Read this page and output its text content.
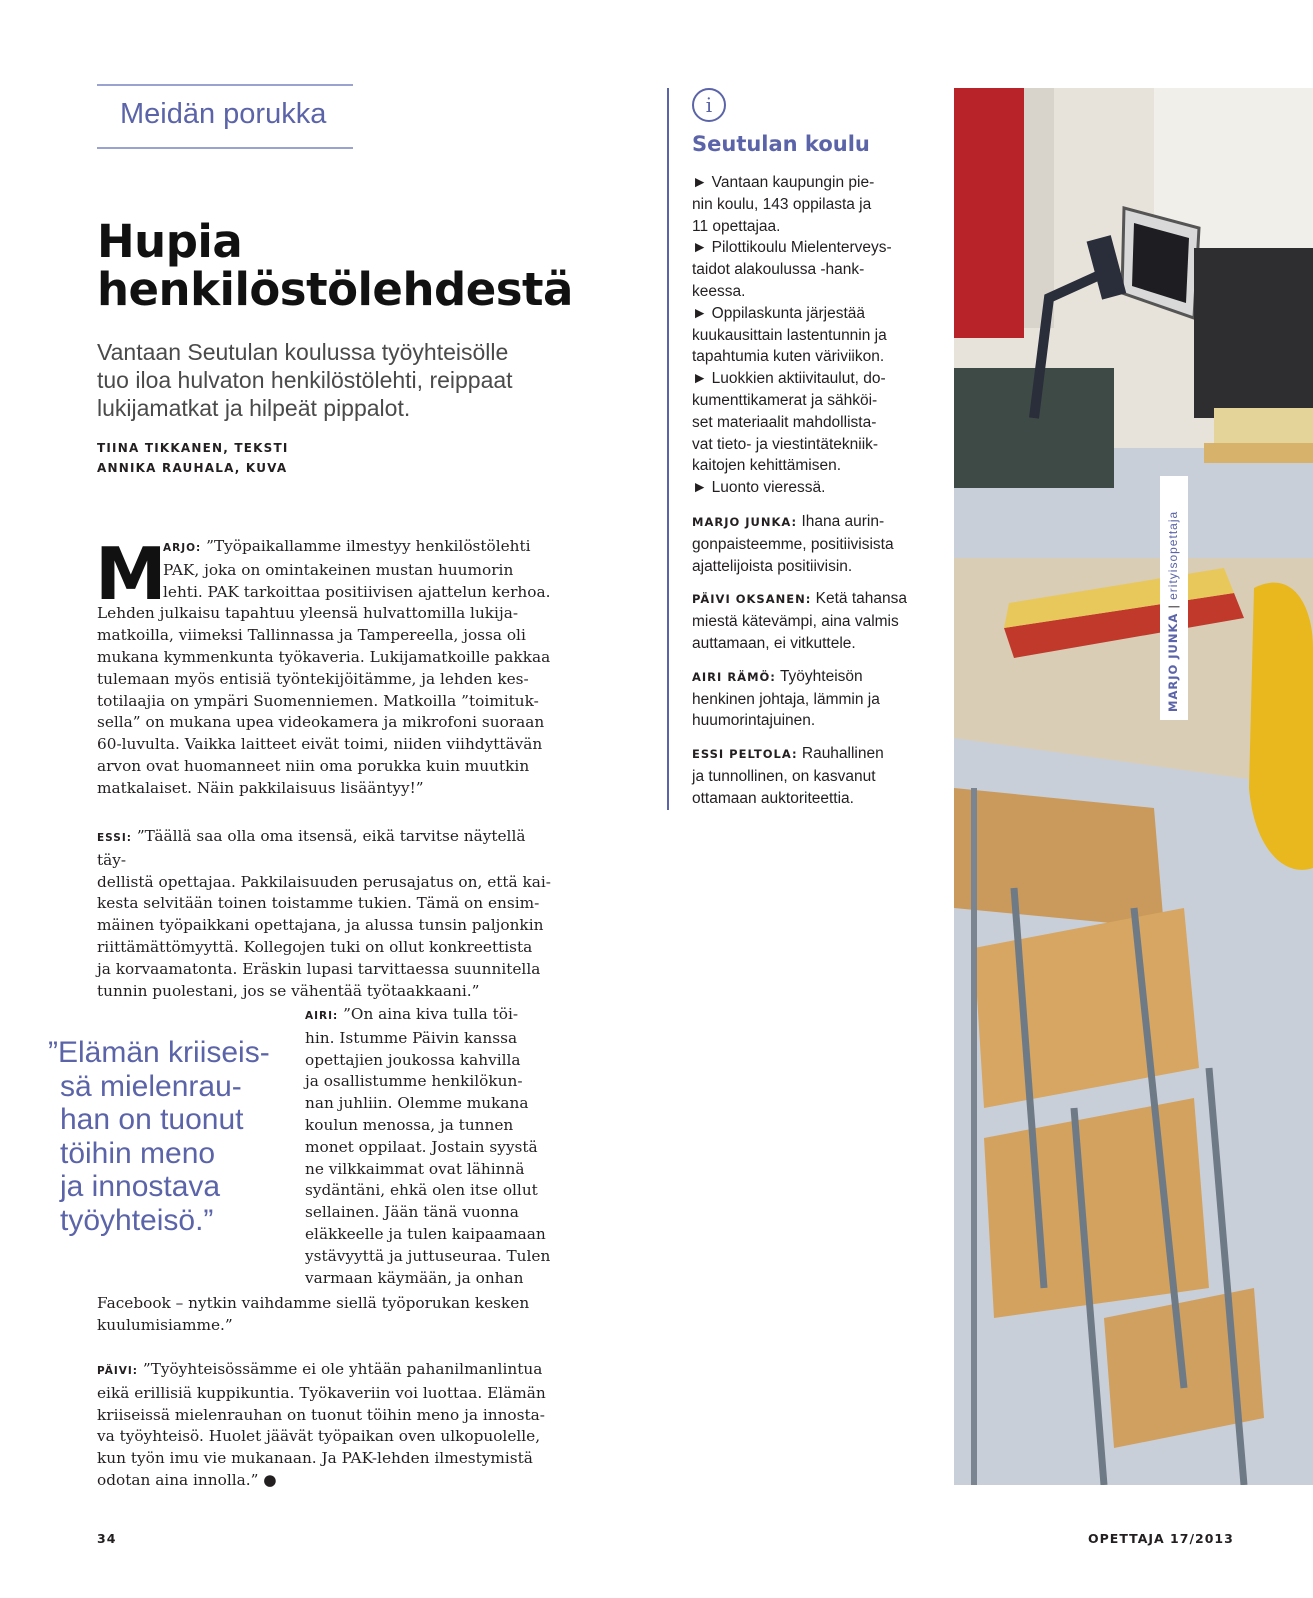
Meidän porukka
Hupia
henkilöstölehdestä
Vantaan Seutulan koulussa työyhteisölle
tuo iloa hulvaton henkilöstölehti, reippaat
lukijamatkat ja hilpeät pippalot.
TIINA TIKKANEN, TEKSTI
ANNIKA RAUHALA, KUVA
M
ARJO: ”Työpaikallamme ilmestyy henkilöstölehti
PAK, joka on omintakeinen mustan huumorin
lehti. PAK tarkoittaa positiivisen ajattelun kerhoa.
Lehden julkaisu tapahtuu yleensä hulvattomilla lukija-
matkoilla, viimeksi Tallinnassa ja Tampereella, jossa oli
mukana kymmenkunta työkaveria. Lukijamatkoille pakkaa
tulemaan myös entisiä työntekijöitämme, ja lehden kes-
totilaajia on ympäri Suomenniemen. Matkoilla ”toimituk-
sella” on mukana upea videokamera ja mikrofoni suoraan
60-luvulta. Vaikka laitteet eivät toimi, niiden viihdyttävän
arvon ovat huomanneet niin oma porukka kuin muutkin
matkalaiset. Näin pakkilaisuus lisääntyy!”
ESSI: ”Täällä saa olla oma itsensä, eikä tarvitse näytellä täy-
dellistä opettajaa. Pakkilaisuuden perusajatus on, että kai-
kesta selvitään toinen toistamme tukien. Tämä on ensim-
mäinen työpaikkani opettajana, ja alussa tunsin paljonkin
riittämättömyyttä. Kollegojen tuki on ollut konkreettista
ja korvaamatonta. Eräskin lupasi tarvittaessa suunnitella
tunnin puolestani, jos se vähentää työtaakkaani.”
”Elämän kriiseis-
sä mielenrau-
han on tuonut
töihin meno
ja innostava
työyhteisö.”
AIRI: ”On aina kiva tulla töi-
hin. Istumme Päivin kanssa
opettajien joukossa kahvilla
ja osallistumme henkilökun-
nan juhliin. Olemme mukana
koulun menossa, ja tunnen
monet oppilaat. Jostain syystä
ne vilkkaimmat ovat lähinnä
sydäntäni, ehkä olen itse ollut
sellainen. Jään tänä vuonna
eläkkeelle ja tulen kaipaamaan
ystävyyttä ja juttuseuraa. Tulen
varmaan käymään, ja onhan
Facebook – nytkin vaihdamme siellä työporukan kesken
kuulumisiamme.”
PÄIVI: ”Työyhteisössämme ei ole yhtään pahanilmanlintua
eikä erillisiä kuppikuntia. Työkaveriin voi luottaa. Elämän
kriiseissä mielenrauhan on tuonut töihin meno ja innosta-
va työyhteisö. Huolet jäävät työpaikan oven ulkopuolelle,
kun työn imu vie mukanaan. Ja PAK-lehden ilmestymistä
odotan aina innolla.” ●
i
Seutulan koulu
► Vantaan kaupungin pie-
nin koulu, 143 oppilasta ja
11 opettajaa.
► Pilottikoulu Mielenterveys-
taidot alakoulussa -hank-
keessa.
► Oppilaskunta järjestää
kuukausittain lastentunnin ja
tapahtumia kuten väriviikon.
► Luokkien aktiivitaulut, do-
kumenttikamerat ja sähköi-
set materiaalit mahdollista-
vat tieto- ja viestintätekniik-
kaitojen kehittämisen.
► Luonto vieressä.
MARJO JUNKA: Ihana aurin-
gonpaisteemme, positiivisista
ajattelijoista positiivisin.
PÄIVI OKSANEN: Ketä tahansa
miestä kätevämpi, aina valmis
auttamaan, ei vitkuttele.
AIRI RÄMÖ: Työyhteisön
henkinen johtaja, lämmin ja
huumorintajuinen.
ESSI PELTOLA: Rauhallinen
ja tunnollinen, on kasvanut
ottamaan auktoriteettia.
MARJO JUNKA | erityisopettaja
34	OPETTAJA 17/2013
